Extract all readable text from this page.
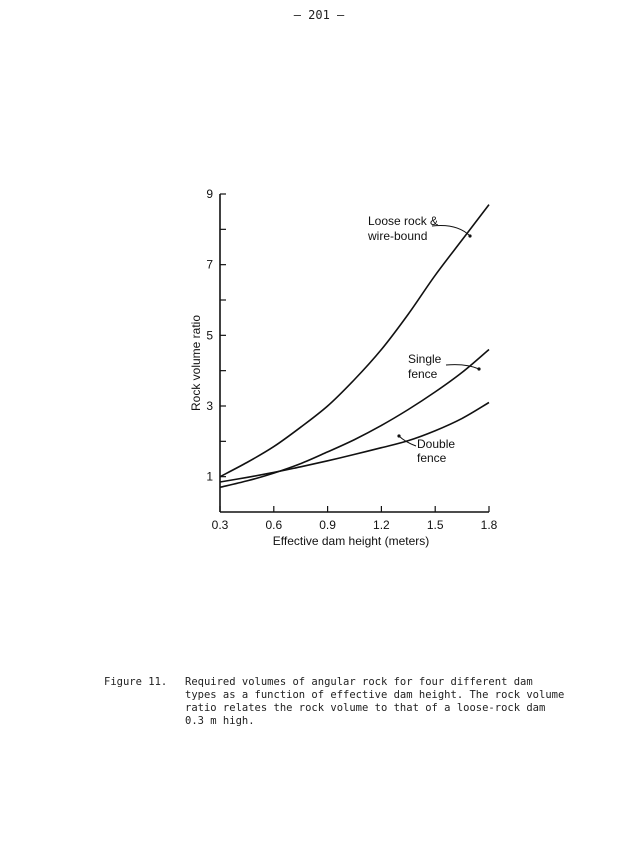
– 201 –
1
3
5
7
9
0.3	0.6	0.9	1.2	1.5	1.8
Loose rock &
wire-bound
Single
fence
Double
fence
Effective dam height (meters)
Rock volume ratio
Figure 11.	Required volumes of angular rock for four different dam types as a function of effective dam height. The rock volume ratio relates the rock volume to that of a loose-rock dam 0.3 m high.
